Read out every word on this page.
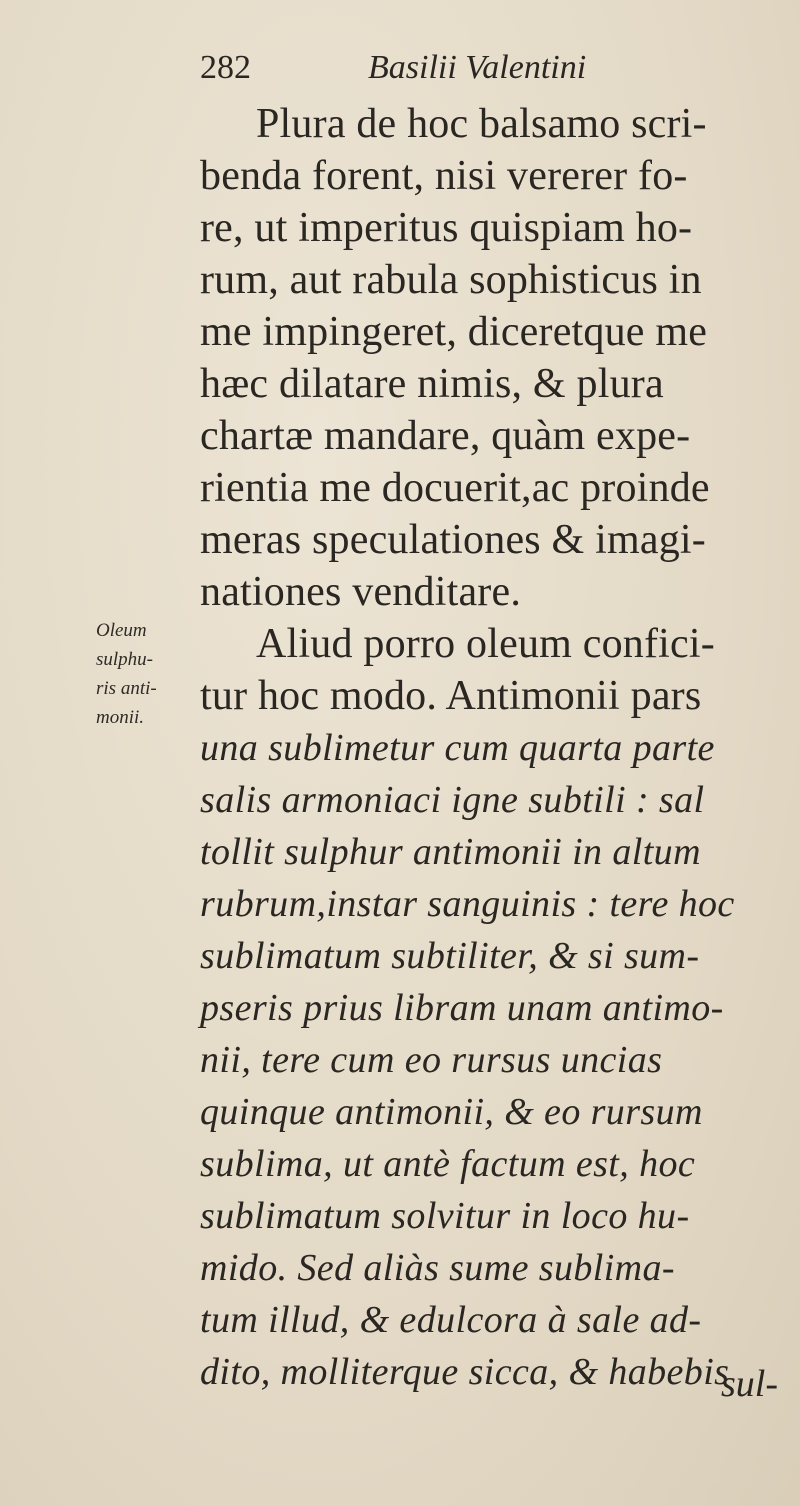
282	Basilii Valentini
Plura de hoc balsamo scri-
benda forent, nisi vererer fo-
re, ut imperitus quispiam ho-
rum, aut rabula sophisticus in
me impingeret, diceretque me
hæc dilatare nimis, & plura
chartæ mandare, quàm expe-
rientia me docuerit,ac proinde
meras speculationes & imagi-
nationes venditare.
Aliud porro oleum confici-
tur hoc modo. Antimonii pars
una sublimetur cum quarta parte
salis armoniaci igne subtili : sal
tollit sulphur antimonii in altum
rubrum,instar sanguinis : tere hoc
sublimatum subtiliter, & si sum-
pseris prius libram unam antimo-
nii, tere cum eo rursus uncias
quinque antimonii, & eo rursum
sublima, ut antè factum est, hoc
sublimatum solvitur in loco hu-
mido. Sed aliàs sume sublima-
tum illud, & edulcora à sale ad-
dito, molliterque sicca, & habebis
Oleum
sulphu-
ris anti-
monii.
sul-
